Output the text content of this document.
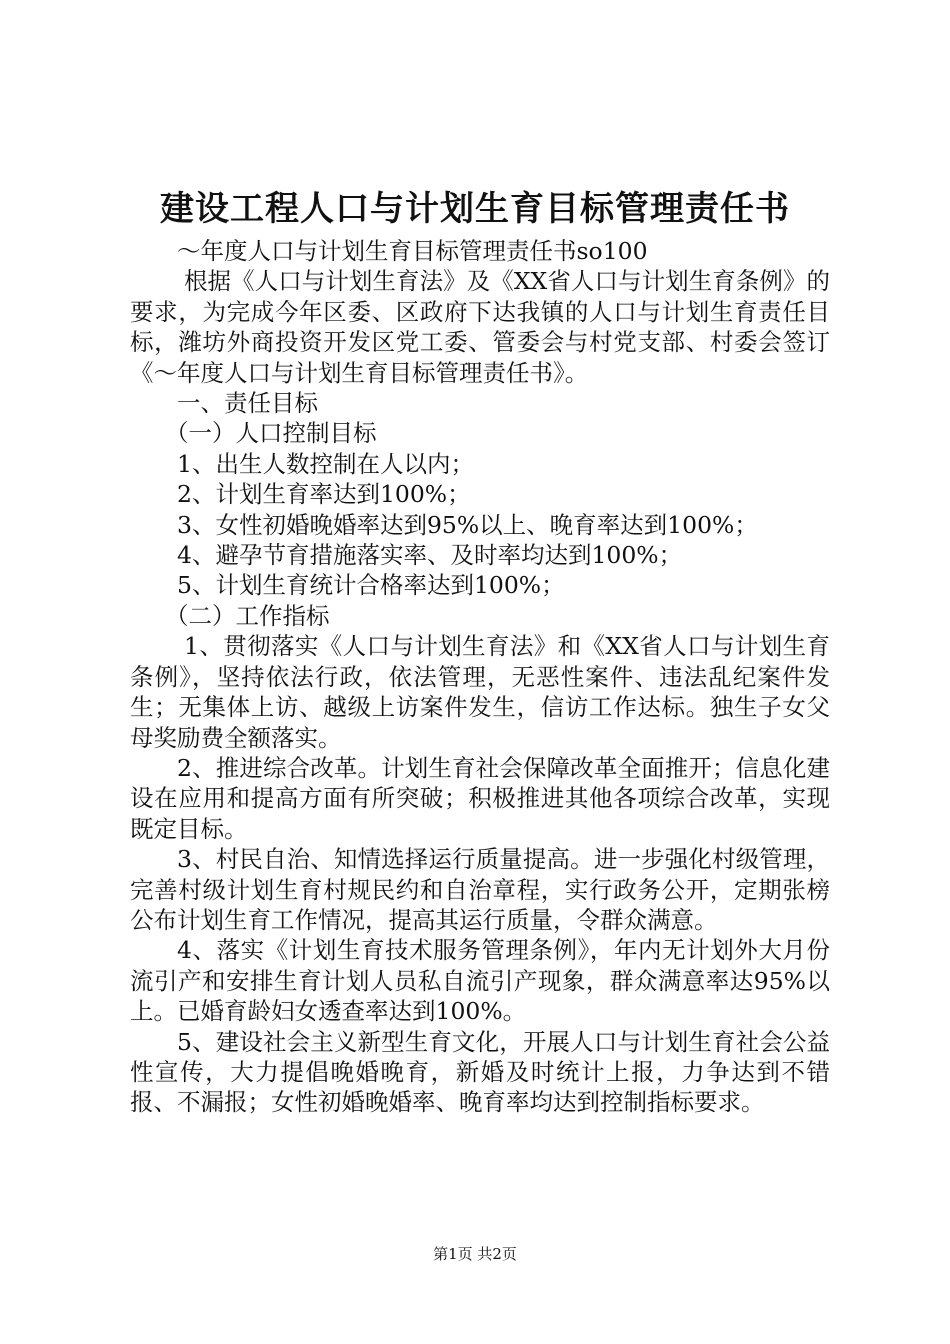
建设工程人口与计划生育目标管理责任书

～年度人口与计划生育目标管理责任书so100

根据《人口与计划生育法》及《XX省人口与计划生育条例》的要求，为完成今年区委、区政府下达我镇的人口与计划生育责任目标，潍坊外商投资开发区党工委、管委会与村党支部、村委会签订《～年度人口与计划生育目标管理责任书》。

一、责任目标

（一）人口控制目标

1、出生人数控制在人以内；

2、计划生育率达到100%；

3、女性初婚晚婚率达到95%以上、晚育率达到100%；

4、避孕节育措施落实率、及时率均达到100%；

5、计划生育统计合格率达到100%；

（二）工作指标

1、贯彻落实《人口与计划生育法》和《XX省人口与计划生育条例》，坚持依法行政，依法管理，无恶性案件、违法乱纪案件发生；无集体上访、越级上访案件发生，信访工作达标。独生子女父母奖励费全额落实。

2、推进综合改革。计划生育社会保障改革全面推开；信息化建设在应用和提高方面有所突破；积极推进其他各项综合改革，实现既定目标。

3、村民自治、知情选择运行质量提高。进一步强化村级管理，完善村级计划生育村规民约和自治章程，实行政务公开，定期张榜公布计划生育工作情况，提高其运行质量，令群众满意。

4、落实《计划生育技术服务管理条例》，年内无计划外大月份流引产和安排生育计划人员私自流引产现象，群众满意率达95%以上。已婚育龄妇女透查率达到100%。

5、建设社会主义新型生育文化，开展人口与计划生育社会公益性宣传，大力提倡晚婚晚育，新婚及时统计上报，力争达到不错报、不漏报；女性初婚晚婚率、晚育率均达到控制指标要求。

第1页 共2页
